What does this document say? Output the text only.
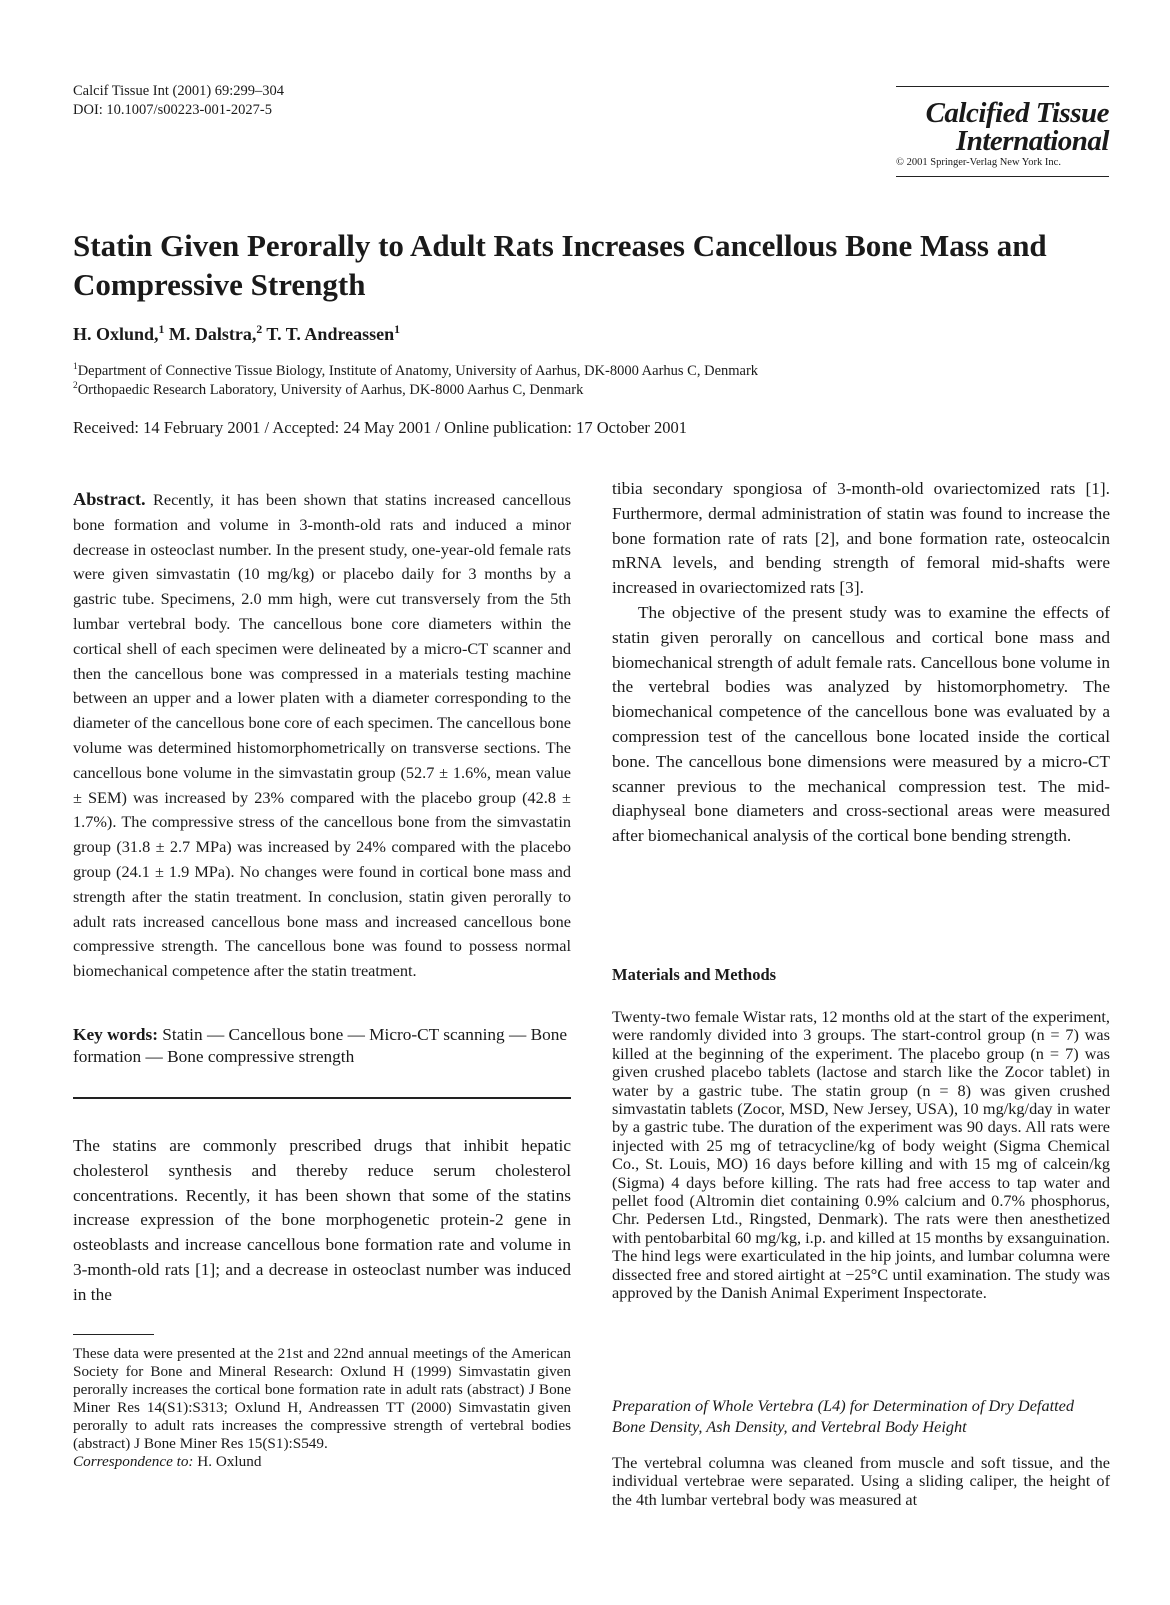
Calcif Tissue Int (2001) 69:299–304
DOI: 10.1007/s00223-001-2027-5	Calcified Tissue
International
© 2001 Springer-Verlag New York Inc.
Statin Given Perorally to Adult Rats Increases Cancellous Bone Mass and Compressive Strength
H. Oxlund,$^1$ M. Dalstra,$^2$ T. T. Andreassen$^1$
$^1$Department of Connective Tissue Biology, Institute of Anatomy, University of Aarhus, DK-8000 Aarhus C, Denmark
$^2$Orthopaedic Research Laboratory, University of Aarhus, DK-8000 Aarhus C, Denmark
Received: 14 February 2001 / Accepted: 24 May 2001 / Online publication: 17 October 2001
Abstract. Recently, it has been shown that statins increased cancellous bone formation and volume in 3-month-old rats and induced a minor decrease in osteoclast number. In the present study, one-year-old female rats were given simvastatin (10 mg/kg) or placebo daily for 3 months by a gastric tube. Specimens, 2.0 mm high, were cut transversely from the 5th lumbar vertebral body. The cancellous bone core diameters within the cortical shell of each specimen were delineated by a micro-CT scanner and then the cancellous bone was compressed in a materials testing machine between an upper and a lower platen with a diameter corresponding to the diameter of the cancellous bone core of each specimen. The cancellous bone volume was determined histomorphometrically on transverse sections. The cancellous bone volume in the simvastatin group (52.7 ± 1.6%, mean value ± SEM) was increased by 23% compared with the placebo group (42.8 ± 1.7%). The compressive stress of the cancellous bone from the simvastatin group (31.8 ± 2.7 MPa) was increased by 24% compared with the placebo group (24.1 ± 1.9 MPa). No changes were found in cortical bone mass and strength after the statin treatment. In conclusion, statin given perorally to adult rats increased cancellous bone mass and increased cancellous bone compressive strength. The cancellous bone was found to possess normal biomechanical competence after the statin treatment.
Key words: Statin — Cancellous bone — Micro-CT scanning — Bone formation — Bone compressive strength

The statins are commonly prescribed drugs that inhibit hepatic cholesterol synthesis and thereby reduce serum cholesterol concentrations. Recently, it has been shown that some of the statins increase expression of the bone morphogenetic protein-2 gene in osteoblasts and increase cancellous bone formation rate and volume in 3-month-old rats [1]; and a decrease in osteoclast number was induced in the

These data were presented at the 21st and 22nd annual meetings of the American Society for Bone and Mineral Research: Oxlund H (1999) Simvastatin given perorally increases the cortical bone formation rate in adult rats (abstract) J Bone Miner Res 14(S1):S313; Oxlund H, Andreassen TT (2000) Simvastatin given perorally to adult rats increases the compressive strength of vertebral bodies (abstract) J Bone Miner Res 15(S1):S549.
Correspondence to: H. Oxlund

tibia secondary spongiosa of 3-month-old ovariectomized rats [1]. Furthermore, dermal administration of statin was found to increase the bone formation rate of rats [2], and bone formation rate, osteocalcin mRNA levels, and bending strength of femoral mid-shafts were increased in ovariectomized rats [3].

The objective of the present study was to examine the effects of statin given perorally on cancellous and cortical bone mass and biomechanical strength of adult female rats. Cancellous bone volume in the vertebral bodies was analyzed by histomorphometry. The biomechanical competence of the cancellous bone was evaluated by a compression test of the cancellous bone located inside the cortical bone. The cancellous bone dimensions were measured by a micro-CT scanner previous to the mechanical compression test. The mid-diaphyseal bone diameters and cross-sectional areas were measured after biomechanical analysis of the cortical bone bending strength.

Materials and Methods
Twenty-two female Wistar rats, 12 months old at the start of the experiment, were randomly divided into 3 groups. The start-control group (n = 7) was killed at the beginning of the experiment. The placebo group (n = 7) was given crushed placebo tablets (lactose and starch like the Zocor tablet) in water by a gastric tube. The statin group (n = 8) was given crushed simvastatin tablets (Zocor, MSD, New Jersey, USA), 10 mg/kg/day in water by a gastric tube. The duration of the experiment was 90 days. All rats were injected with 25 mg of tetracycline/kg of body weight (Sigma Chemical Co., St. Louis, MO) 16 days before killing and with 15 mg of calcein/kg (Sigma) 4 days before killing. The rats had free access to tap water and pellet food (Altromin diet containing 0.9% calcium and 0.7% phosphorus, Chr. Pedersen Ltd., Ringsted, Denmark). The rats were then anesthetized with pentobarbital 60 mg/kg, i.p. and killed at 15 months by exsanguination. The hind legs were exarticulated in the hip joints, and lumbar columna were dissected free and stored airtight at −25°C until examination. The study was approved by the Danish Animal Experiment Inspectorate.
Preparation of Whole Vertebra (L4) for Determination of Dry Defatted Bone Density, Ash Density, and Vertebral Body Height
The vertebral columna was cleaned from muscle and soft tissue, and the individual vertebrae were separated. Using a sliding caliper, the height of the 4th lumbar vertebral body was measured at
